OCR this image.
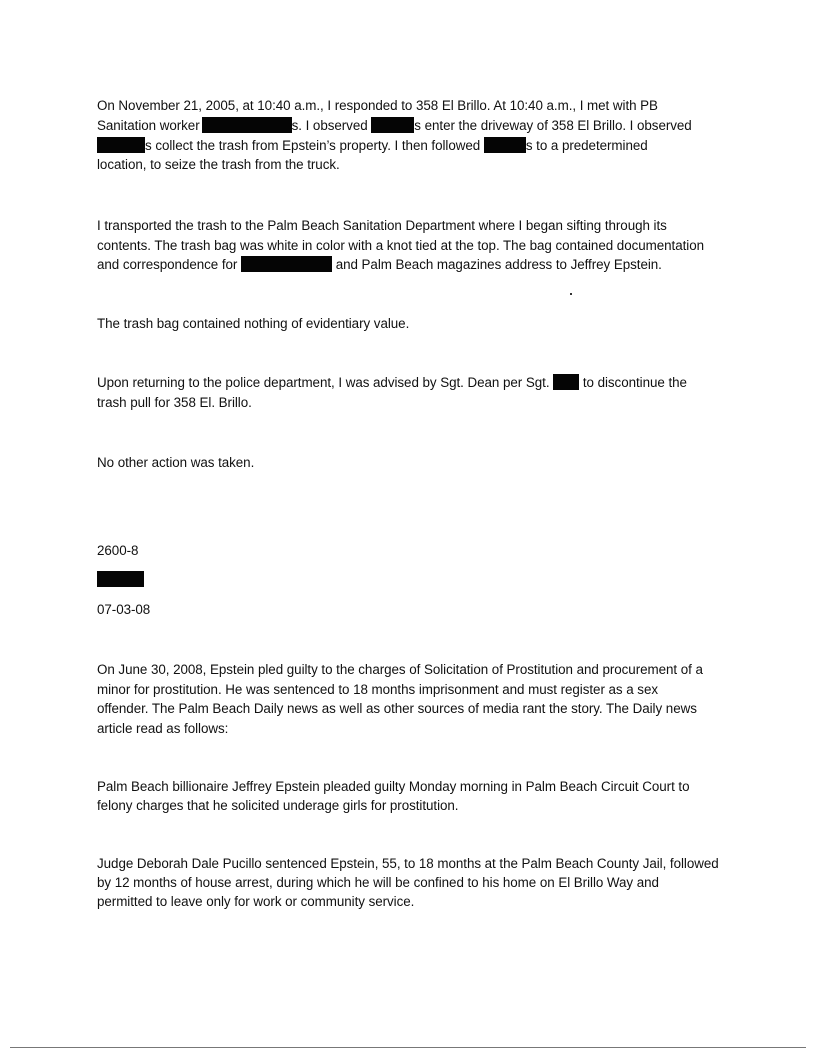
On November 21, 2005, at 10:40 a.m., I responded to 358 El Brillo. At 10:40 a.m., I met with PB
Sanitation worker	s. I observed	s enter the driveway of 358 El Brillo. I observed
s collect the trash from Epstein’s property. I then followed	s to a predetermined
location, to seize the trash from the truck.
I transported the trash to the Palm Beach Sanitation Department where I began sifting through its
contents. The trash bag was white in color with a knot tied at the top. The bag contained documentation
and correspondence for	and Palm Beach magazines address to Jeffrey Epstein.
The trash bag contained nothing of evidentiary value.
Upon returning to the police department, I was advised by Sgt. Dean per Sgt. to discontinue the
trash pull for 358 El. Brillo.
No other action was taken.
2600-8
07-03-08
On June 30, 2008, Epstein pled guilty to the charges of Solicitation of Prostitution and procurement of a
minor for prostitution. He was sentenced to 18 months imprisonment and must register as a sex
offender. The Palm Beach Daily news as well as other sources of media rant the story. The Daily news
article read as follows:
Palm Beach billionaire Jeffrey Epstein pleaded guilty Monday morning in Palm Beach Circuit Court to
felony charges that he solicited underage girls for prostitution.
Judge Deborah Dale Pucillo sentenced Epstein, 55, to 18 months at the Palm Beach County Jail, followed
by 12 months of house arrest, during which he will be confined to his home on El Brillo Way and
permitted to leave only for work or community service.
